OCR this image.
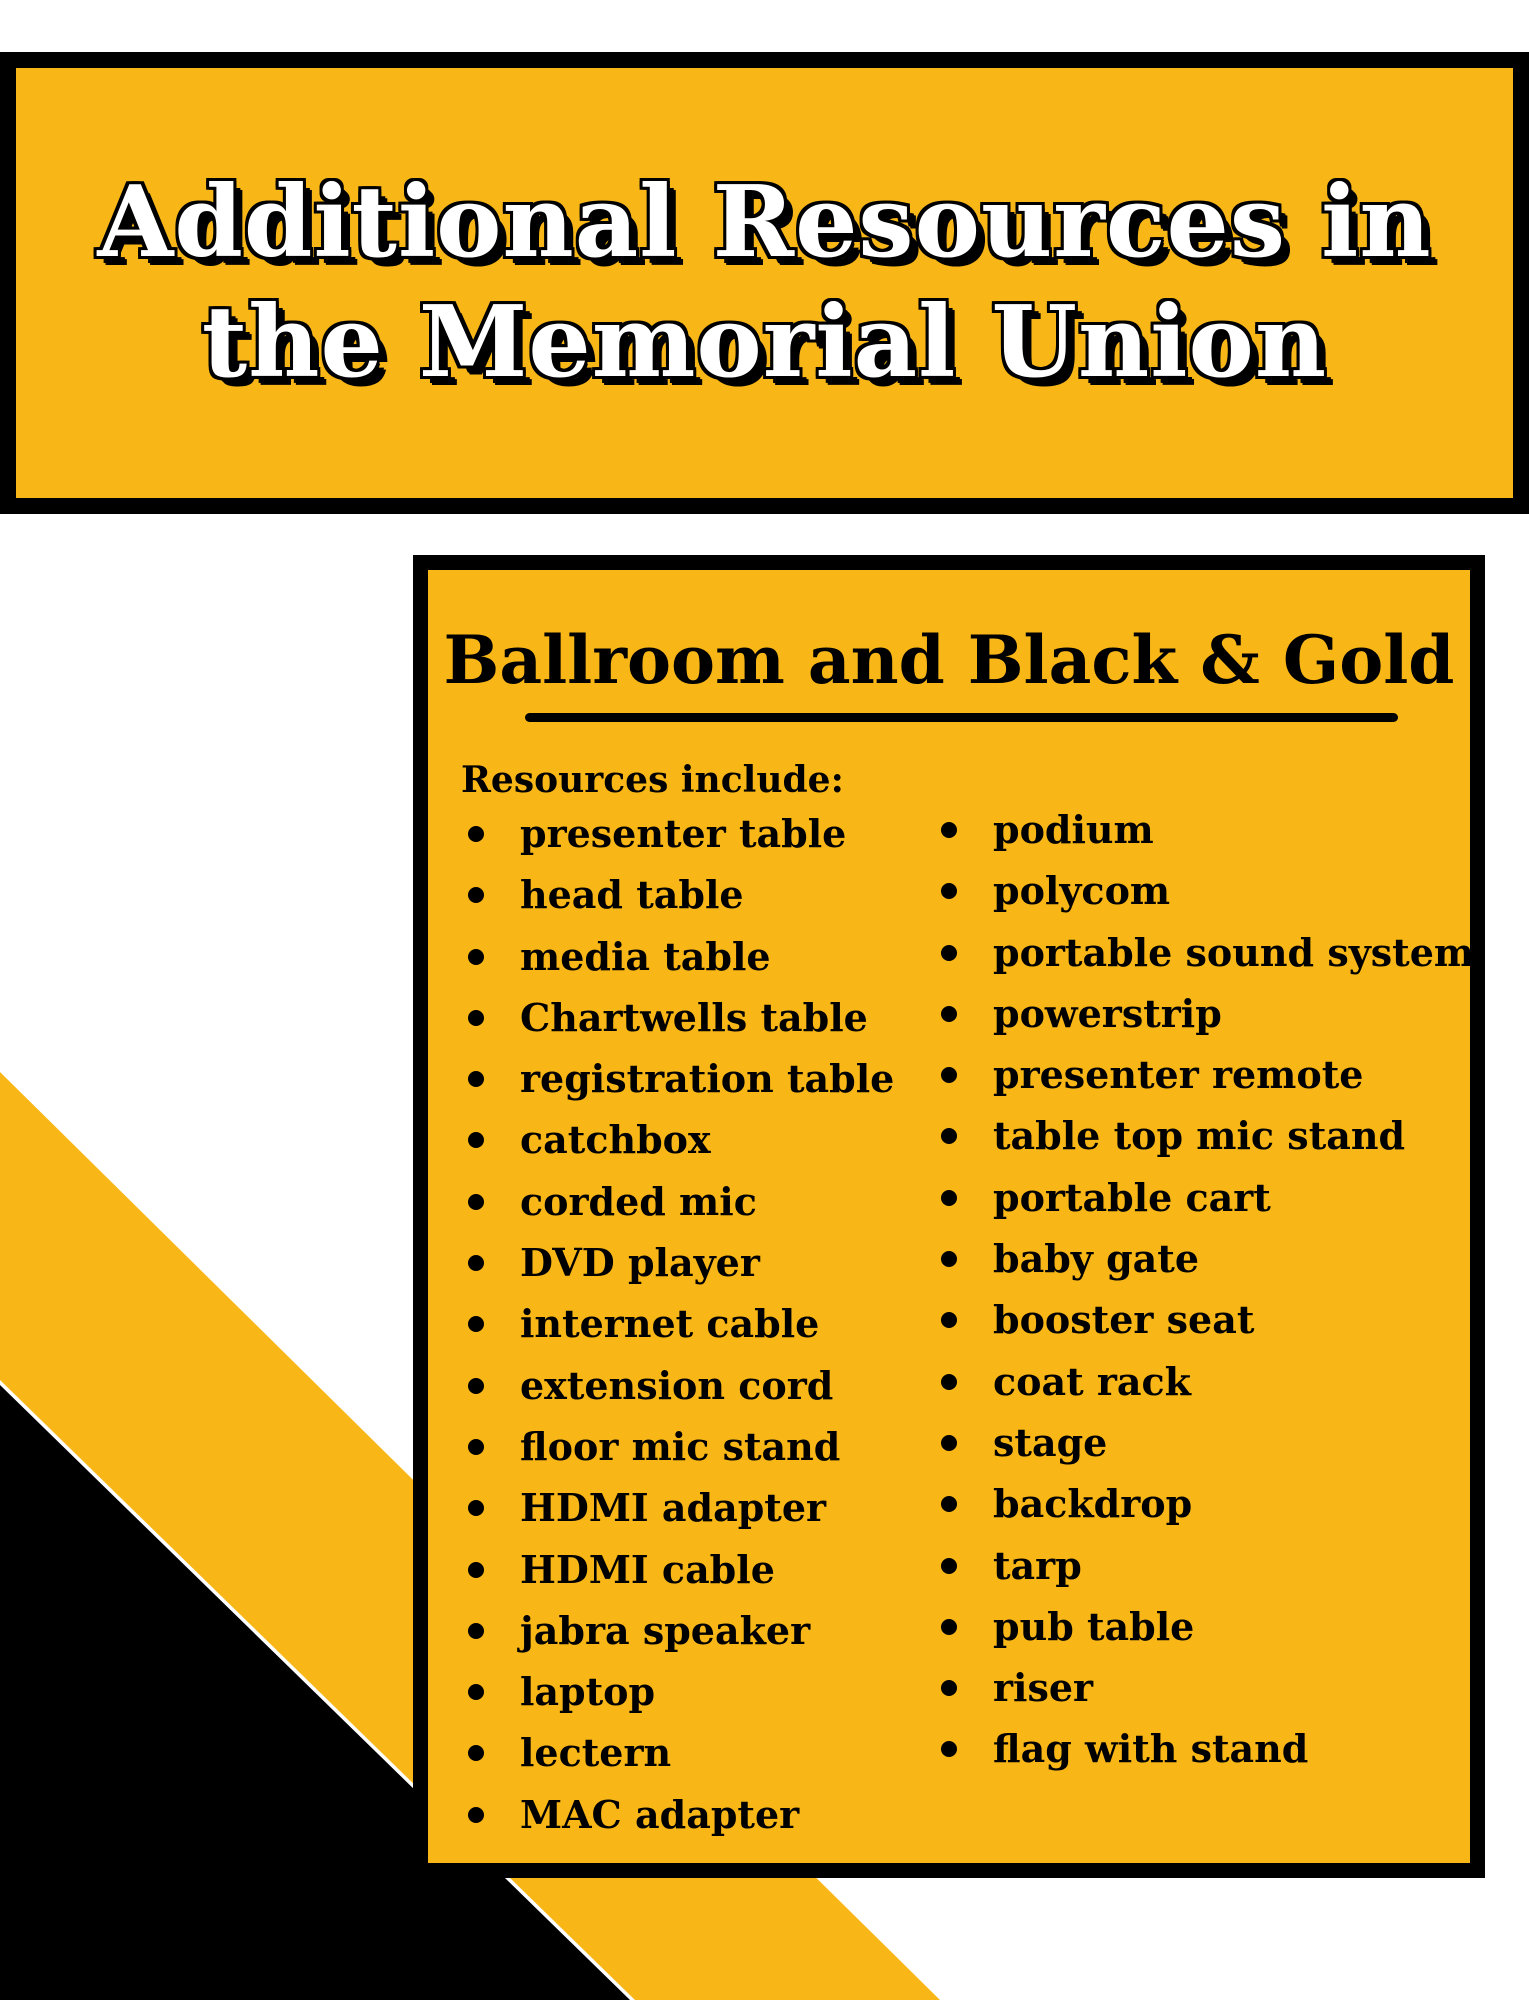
Additional Resources in
the Memorial Union
Ballroom and Black & Gold
Resources include:
presenter table
head table
media table
Chartwells table
registration table
catchbox
corded mic
DVD player
internet cable
extension cord
floor mic stand
HDMI adapter
HDMI cable
jabra speaker
laptop
lectern
MAC adapter
podium
polycom
portable sound system
powerstrip
presenter remote
table top mic stand
portable cart
baby gate
booster seat
coat rack
stage
backdrop
tarp
pub table
riser
flag with stand
